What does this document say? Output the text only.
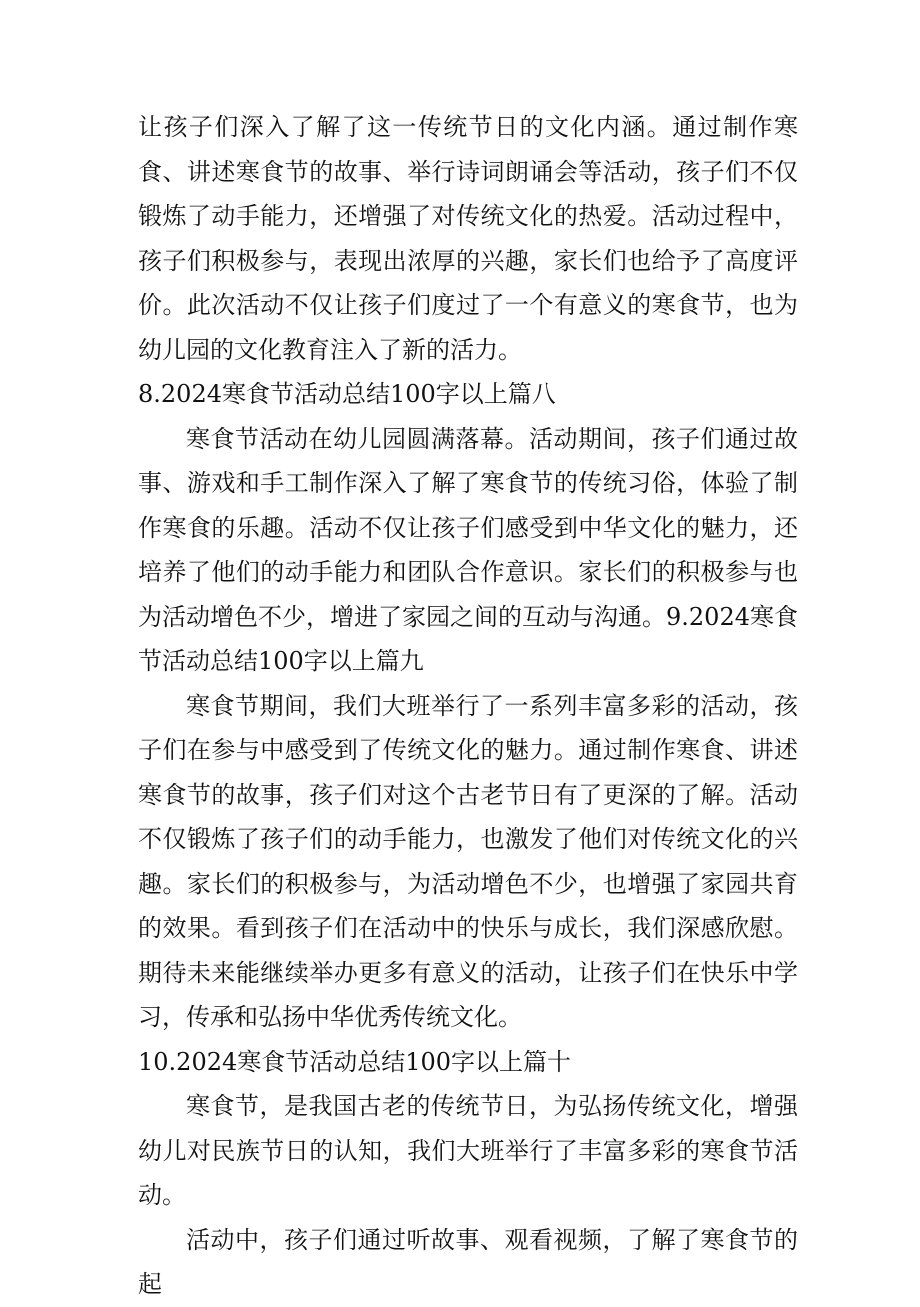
让孩子们深入了解了这一传统节日的文化内涵。通过制作寒食、讲述寒食节的故事、举行诗词朗诵会等活动，孩子们不仅锻炼了动手能力，还增强了对传统文化的热爱。活动过程中，孩子们积极参与，表现出浓厚的兴趣，家长们也给予了高度评价。此次活动不仅让孩子们度过了一个有意义的寒食节，也为幼儿园的文化教育注入了新的活力。

8.2024寒食节活动总结100字以上篇八

寒食节活动在幼儿园圆满落幕。活动期间，孩子们通过故事、游戏和手工制作深入了解了寒食节的传统习俗，体验了制作寒食的乐趣。活动不仅让孩子们感受到中华文化的魅力，还培养了他们的动手能力和团队合作意识。家长们的积极参与也为活动增色不少，增进了家园之间的互动与沟通。9.2024寒食节活动总结100字以上篇九

寒食节期间，我们大班举行了一系列丰富多彩的活动，孩子们在参与中感受到了传统文化的魅力。通过制作寒食、讲述寒食节的故事，孩子们对这个古老节日有了更深的了解。活动不仅锻炼了孩子们的动手能力，也激发了他们对传统文化的兴趣。家长们的积极参与，为活动增色不少，也增强了家园共育的效果。看到孩子们在活动中的快乐与成长，我们深感欣慰。期待未来能继续举办更多有意义的活动，让孩子们在快乐中学习，传承和弘扬中华优秀传统文化。

10.2024寒食节活动总结100字以上篇十

寒食节，是我国古老的传统节日，为弘扬传统文化，增强幼儿对民族节日的认知，我们大班举行了丰富多彩的寒食节活动。

活动中，孩子们通过听故事、观看视频，了解了寒食节的起
